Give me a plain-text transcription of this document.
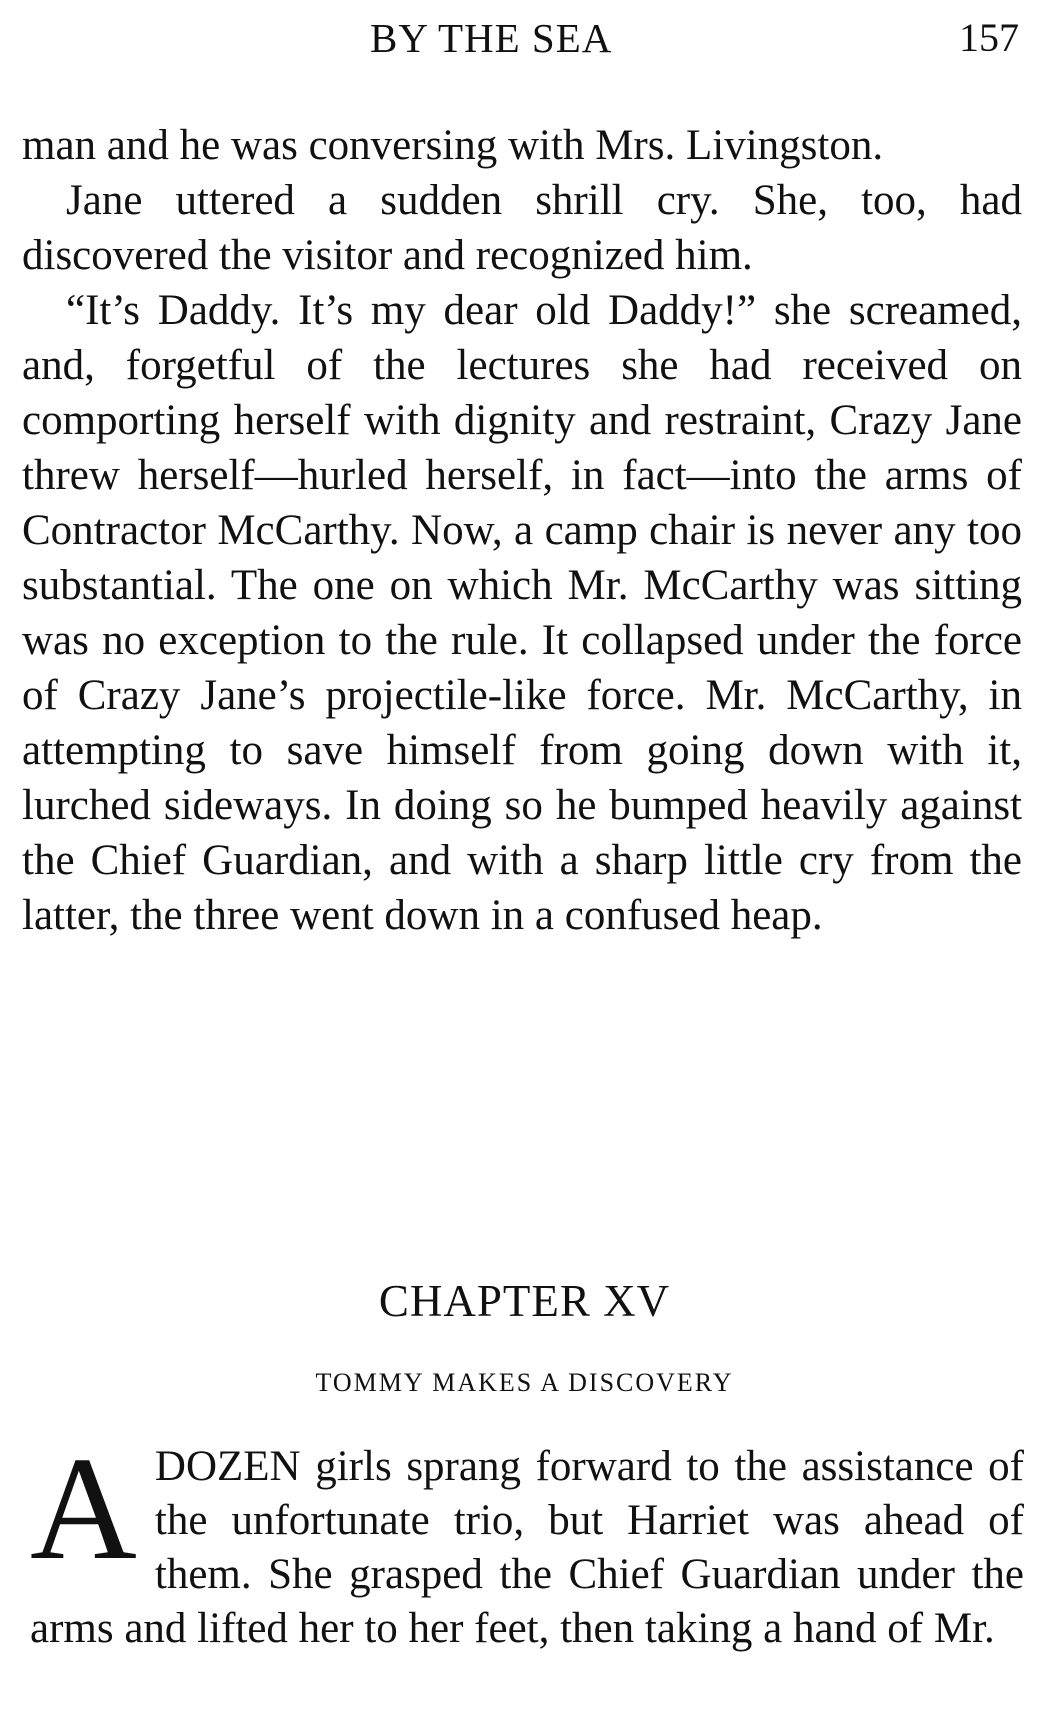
BY THE SEA	157

man and he was conversing with Mrs. Livingston.

Jane uttered a sudden shrill cry. She, too, had discovered the visitor and recognized him.

“It’s Daddy. It’s my dear old Daddy!” she screamed, and, forgetful of the lectures she had received on comporting herself with dignity and restraint, Crazy Jane threw herself—hurled herself, in fact—into the arms of Contractor McCarthy. Now, a camp chair is never any too substantial. The one on which Mr. McCarthy was sitting was no exception to the rule. It collapsed under the force of Crazy Jane’s projectile-like force. Mr. McCarthy, in attempting to save himself from going down with it, lurched sideways. In doing so he bumped heavily against the Chief Guardian, and with a sharp little cry from the latter, the three went down in a confused heap.

CHAPTER XV
TOMMY MAKES A DISCOVERY

A DOZEN girls sprang forward to the assistance of the unfortunate trio, but Harriet was ahead of them. She grasped the Chief Guardian under the arms and lifted her to her feet, then taking a hand of Mr.
